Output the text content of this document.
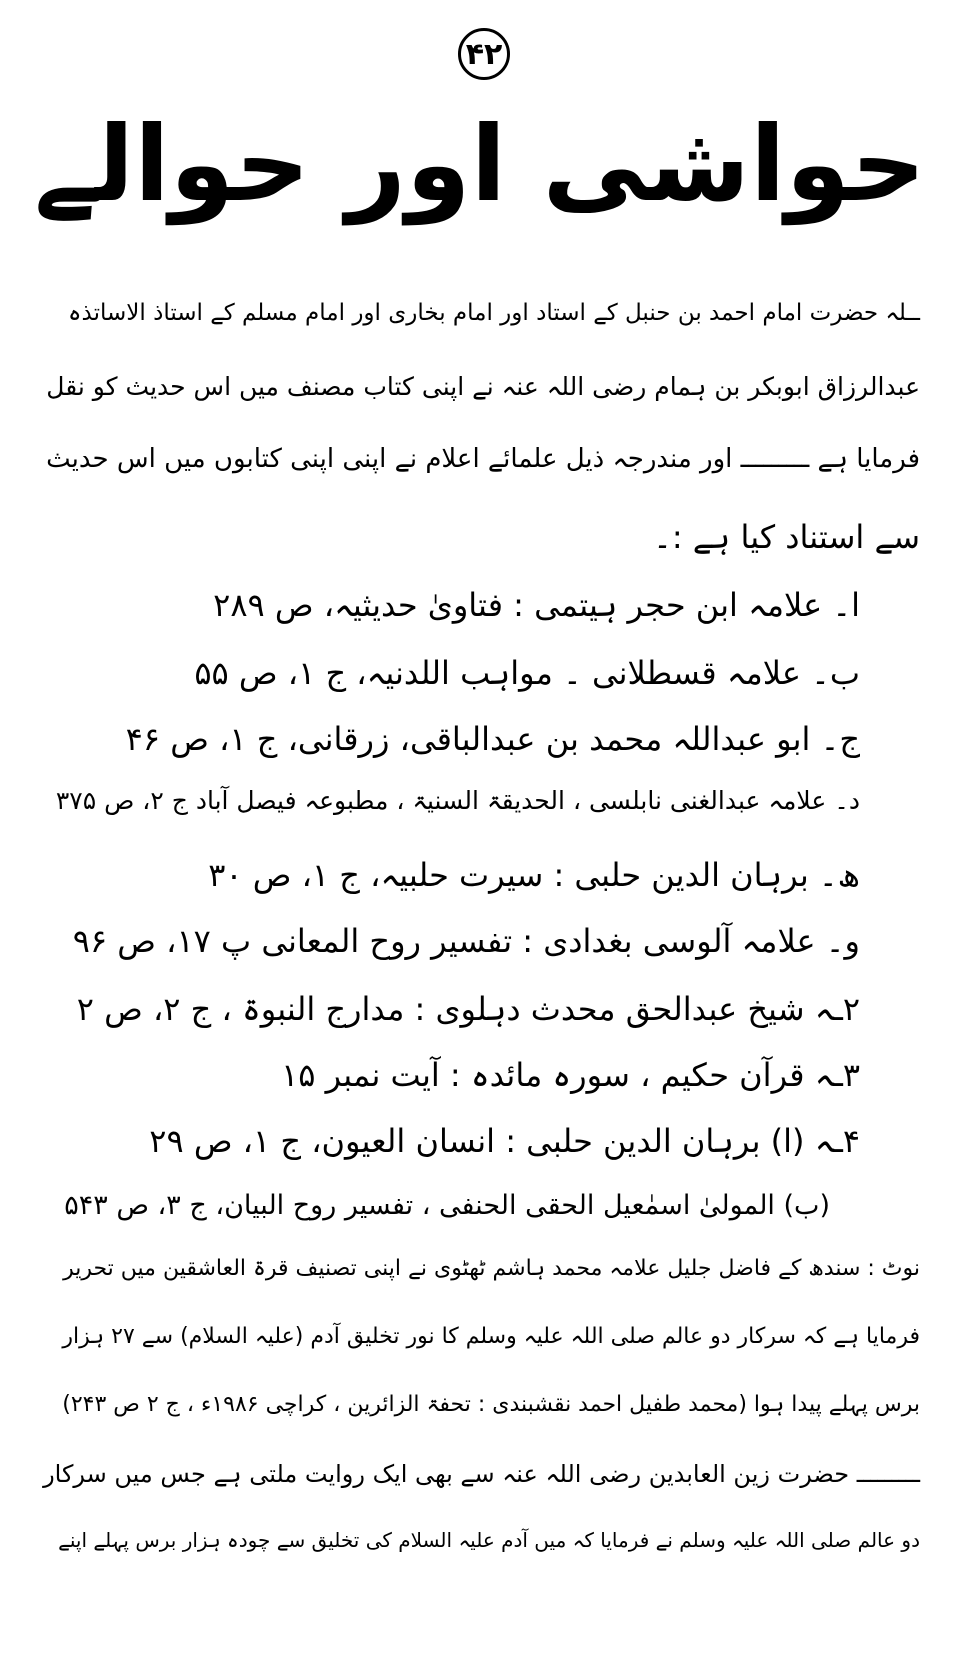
۴۲
حواشی اور حوالے
ــلہ حضرت امام احمد بن حنبل کے استاد اور امام بخاری اور امام مسلم کے استاذ الاساتذہ
عبدالرزاق ابوبکر بن ہمام رضی اللہ عنہ نے اپنی کتاب مصنف میں اس حدیث کو نقل
فرمایا ہے ـــــــــ اور مندرجہ ذیل علمائے اعلام نے اپنی اپنی کتابوں میں اس حدیث
سے استناد کیا ہے :۔
ا۔ علامہ ابن حجر ہیتمی : فتاویٰ حدیثیہ، ص ۲۸۹
ب۔ علامہ قسطلانی ۔ مواہب اللدنیہ، ج ۱، ص ۵۵
ج۔ ابو عبداللہ محمد بن عبدالباقی، زرقانی، ج ۱، ص ۴۶
د۔ علامہ عبدالغنی نابلسی ، الحدیقۃ السنیۃ ، مطبوعہ فیصل آباد ج ۲، ص ۳۷۵
ھ۔ برہان الدین حلبی : سیرت حلبیہ، ج ۱، ص ۳۰
و۔ علامہ آلوسی بغدادی : تفسیر روح المعانی پ ۱۷، ص ۹۶
۲ـہ شیخ عبدالحق محدث دہلوی : مدارج النبوۃ ، ج ۲، ص ۲
۳ـہ قرآن حکیم ، سورہ مائدہ : آیت نمبر ۱۵
۴ـہ (ا) برہان الدین حلبی : انسان العیون، ج ۱، ص ۲۹
(ب) المولیٰ اسمٰعیل الحقی الحنفی ، تفسیر روح البیان، ج ۳، ص ۵۴۳
نوٹ : سندھ کے فاضل جلیل علامہ محمد ہاشم ٹھٹوی نے اپنی تصنیف قرۃ العاشقین میں تحریر
فرمایا ہے کہ سرکار دو عالم صلی اللہ علیہ وسلم کا نور تخلیق آدم (علیہ السلام) سے ۲۷ ہزار
برس پہلے پیدا ہوا (محمد طفیل احمد نقشبندی : تحفۃ الزائرین ، کراچی ۱۹۸۶ء ، ج ۲ ص ۲۴۳)
ـــــــــ حضرت زین العابدین رضی اللہ عنہ سے بھی ایک روایت ملتی ہے جس میں سرکار
دو عالم صلی اللہ علیہ وسلم نے فرمایا کہ میں آدم علیہ السلام کی تخلیق سے چودہ ہزار برس پہلے اپنے
